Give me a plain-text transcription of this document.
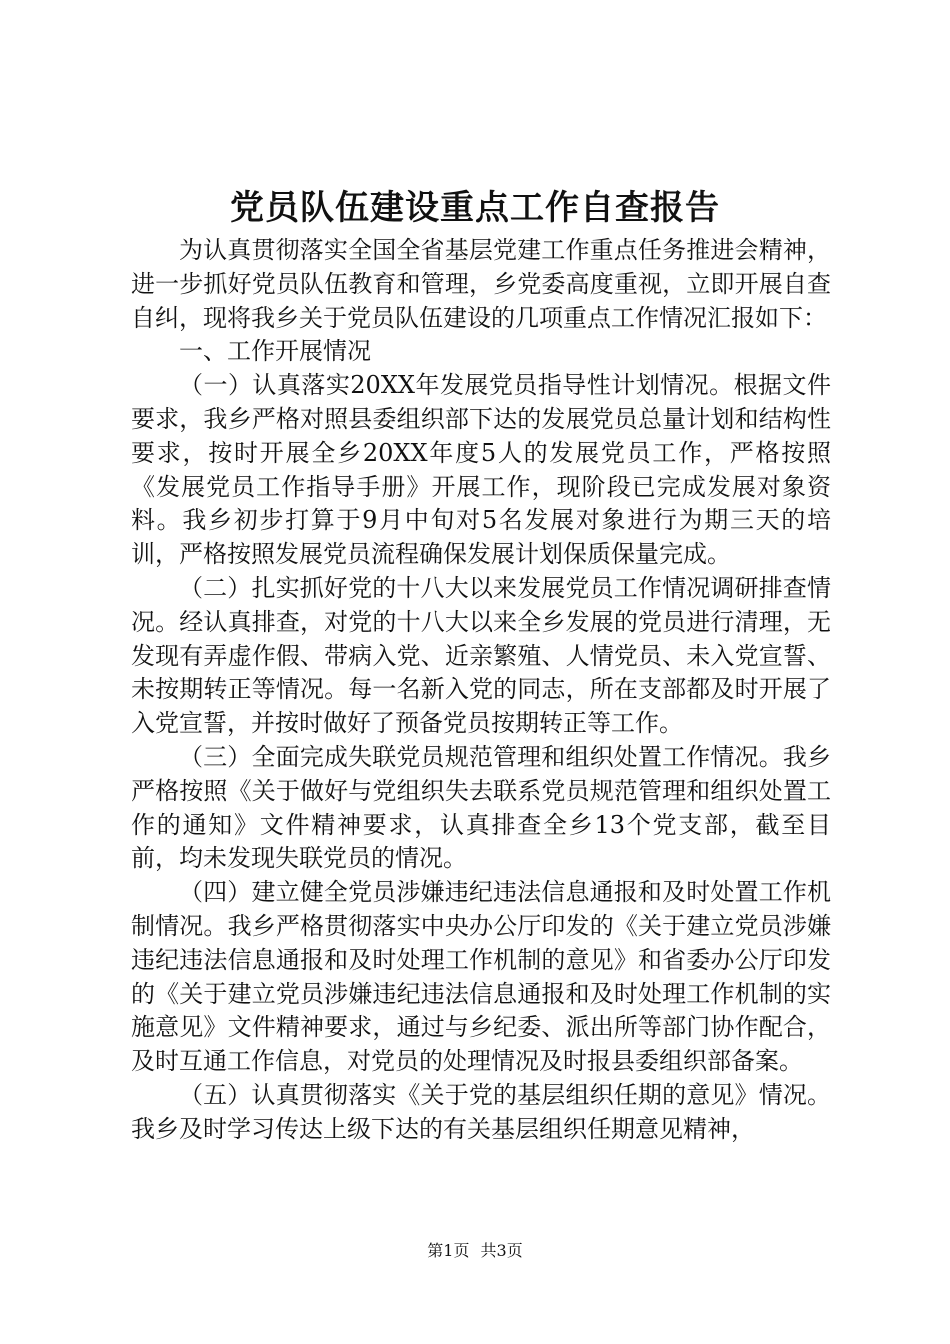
党员队伍建设重点工作自查报告

为认真贯彻落实全国全省基层党建工作重点任务推进会精神，进一步抓好党员队伍教育和管理，乡党委高度重视，立即开展自查自纠，现将我乡关于党员队伍建设的几项重点工作情况汇报如下：

一、工作开展情况

（一）认真落实20XX年发展党员指导性计划情况。根据文件要求，我乡严格对照县委组织部下达的发展党员总量计划和结构性要求，按时开展全乡20XX年度5人的发展党员工作，严格按照《发展党员工作指导手册》开展工作，现阶段已完成发展对象资料。我乡初步打算于9月中旬对5名发展对象进行为期三天的培训，严格按照发展党员流程确保发展计划保质保量完成。

（二）扎实抓好党的十八大以来发展党员工作情况调研排查情况。经认真排查，对党的十八大以来全乡发展的党员进行清理，无发现有弄虚作假、带病入党、近亲繁殖、人情党员、未入党宣誓、未按期转正等情况。每一名新入党的同志，所在支部都及时开展了入党宣誓，并按时做好了预备党员按期转正等工作。

（三）全面完成失联党员规范管理和组织处置工作情况。我乡严格按照《关于做好与党组织失去联系党员规范管理和组织处置工作的通知》文件精神要求，认真排查全乡13个党支部，截至目前，均未发现失联党员的情况。

（四）建立健全党员涉嫌违纪违法信息通报和及时处置工作机制情况。我乡严格贯彻落实中央办公厅印发的《关于建立党员涉嫌违纪违法信息通报和及时处理工作机制的意见》和省委办公厅印发的《关于建立党员涉嫌违纪违法信息通报和及时处理工作机制的实施意见》文件精神要求，通过与乡纪委、派出所等部门协作配合，及时互通工作信息，对党员的处理情况及时报县委组织部备案。

（五）认真贯彻落实《关于党的基层组织任期的意见》情况。我乡及时学习传达上级下达的有关基层组织任期意见精神，

第1页 共3页
